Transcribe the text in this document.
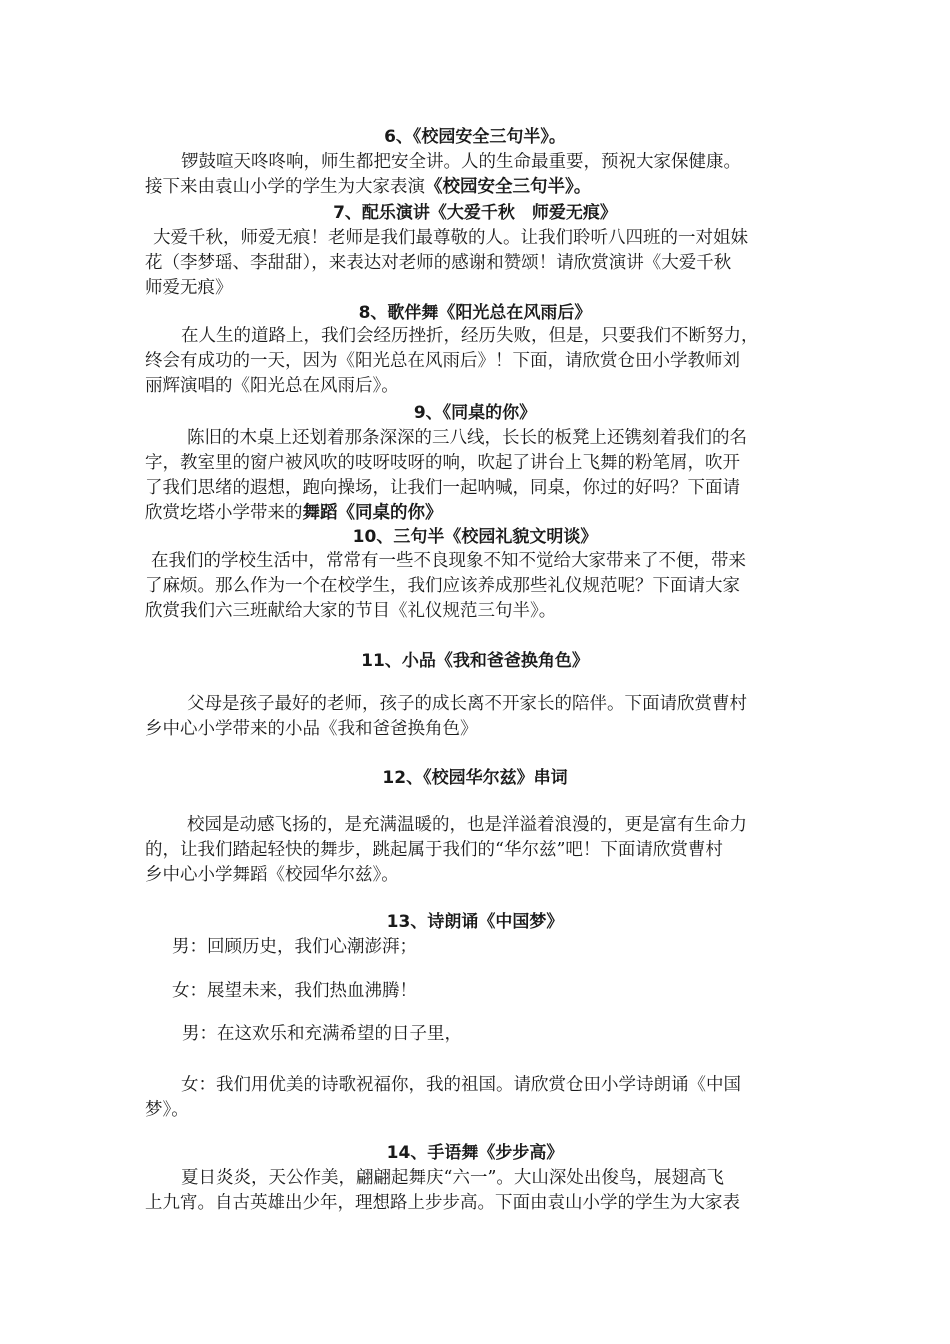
6、《校园安全三句半》。
锣鼓喧天咚咚响，师生都把安全讲。人的生命最重要，预祝大家保健康。
接下来由袁山小学的学生为大家表演《校园安全三句半》。
7、配乐演讲《大爱千秋　师爱无痕》
大爱千秋，师爱无痕！老师是我们最尊敬的人。让我们聆听八四班的一对姐妹
花（李梦瑶、李甜甜），来表达对老师的感谢和赞颂！请欣赏演讲《大爱千秋
师爱无痕》
8、歌伴舞《阳光总在风雨后》
在人生的道路上，我们会经历挫折，经历失败，但是，只要我们不断努力，
终会有成功的一天，因为《阳光总在风雨后》！下面，请欣赏仓田小学教师刘
丽辉演唱的《阳光总在风雨后》。
9、《同桌的你》
陈旧的木桌上还划着那条深深的三八线，长长的板凳上还镌刻着我们的名
字，教室里的窗户被风吹的吱呀吱呀的响，吹起了讲台上飞舞的粉笔屑，吹开
了我们思绪的遐想，跑向操场，让我们一起呐喊，同桌，你过的好吗？下面请
欣赏圪塔小学带来的舞蹈《同桌的你》
10、三句半《校园礼貌文明谈》
在我们的学校生活中，常常有一些不良现象不知不觉给大家带来了不便，带来
了麻烦。那么作为一个在校学生，我们应该养成那些礼仪规范呢？下面请大家
欣赏我们六三班献给大家的节目《礼仪规范三句半》。
11、小品《我和爸爸换角色》
父母是孩子最好的老师，孩子的成长离不开家长的陪伴。下面请欣赏曹村
乡中心小学带来的小品《我和爸爸换角色》
12、《校园华尔兹》串词
校园是动感飞扬的，是充满温暖的，也是洋溢着浪漫的，更是富有生命力
的，让我们踏起轻快的舞步，跳起属于我们的“华尔兹”吧！下面请欣赏曹村
乡中心小学舞蹈《校园华尔兹》。
13、诗朗诵《中国梦》
男：回顾历史，我们心潮澎湃；
女：展望未来，我们热血沸腾！
男：在这欢乐和充满希望的日子里，
女：我们用优美的诗歌祝福你，我的祖国。请欣赏仓田小学诗朗诵《中国
梦》。
14、手语舞《步步高》
夏日炎炎，天公作美，翩翩起舞庆“六一”。大山深处出俊鸟，展翅高飞
上九宵。自古英雄出少年，理想路上步步高。下面由袁山小学的学生为大家表
